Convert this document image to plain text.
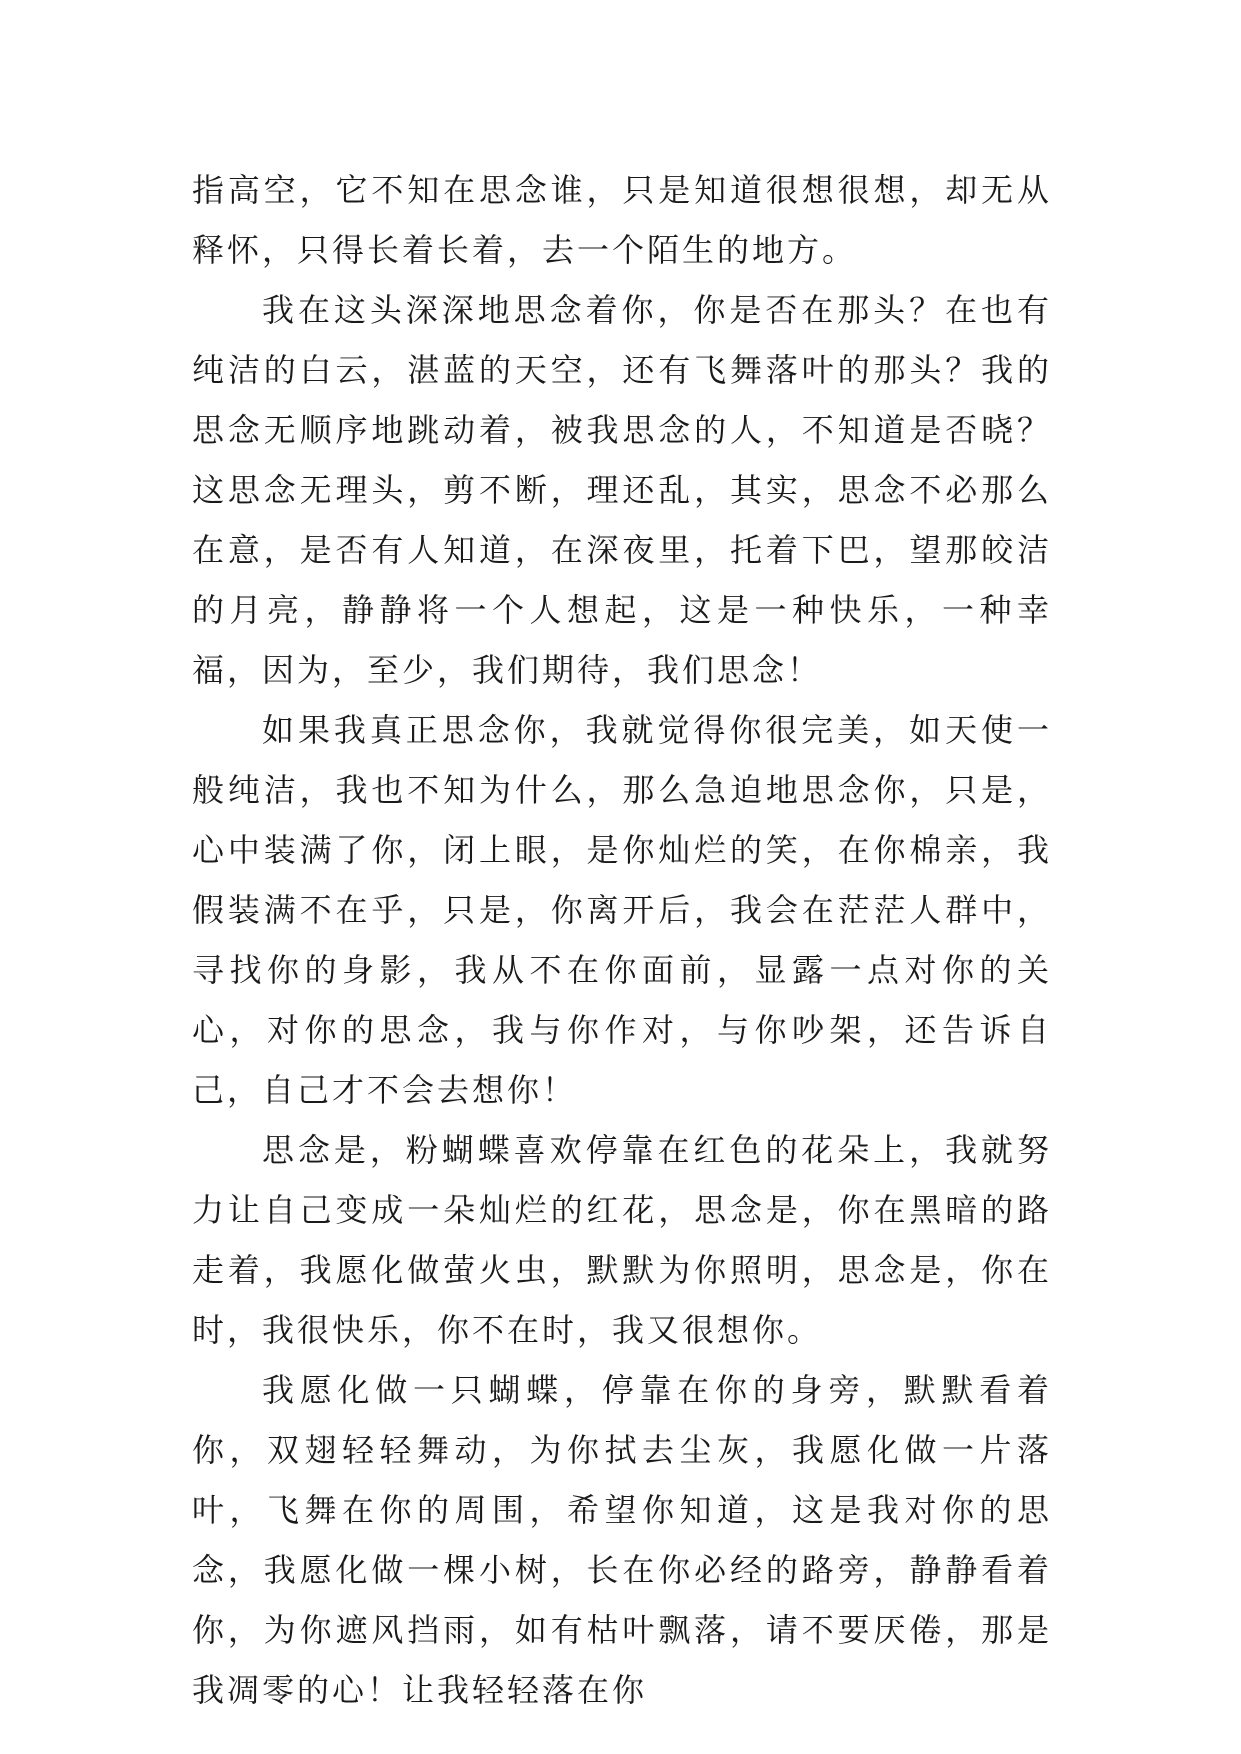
指高空，它不知在思念谁，只是知道很想很想，却无从释怀，只得长着长着，去一个陌生的地方。

我在这头深深地思念着你，你是否在那头？在也有纯洁的白云，湛蓝的天空，还有飞舞落叶的那头？我的思念无顺序地跳动着，被我思念的人，不知道是否晓？这思念无理头，剪不断，理还乱，其实，思念不必那么在意，是否有人知道，在深夜里，托着下巴，望那皎洁的月亮，静静将一个人想起，这是一种快乐，一种幸福，因为，至少，我们期待，我们思念！

如果我真正思念你，我就觉得你很完美，如天使一般纯洁，我也不知为什么，那么急迫地思念你，只是，心中装满了你，闭上眼，是你灿烂的笑，在你棉亲，我假装满不在乎，只是，你离开后，我会在茫茫人群中，寻找你的身影，我从不在你面前，显露一点对你的关心，对你的思念，我与你作对，与你吵架，还告诉自己，自己才不会去想你！

思念是，粉蝴蝶喜欢停靠在红色的花朵上，我就努力让自己变成一朵灿烂的红花，思念是，你在黑暗的路走着，我愿化做萤火虫，默默为你照明，思念是，你在时，我很快乐，你不在时，我又很想你。

我愿化做一只蝴蝶，停靠在你的身旁，默默看着你，双翅轻轻舞动，为你拭去尘灰，我愿化做一片落叶，飞舞在你的周围，希望你知道，这是我对你的思念，我愿化做一棵小树，长在你必经的路旁，静静看着你，为你遮风挡雨，如有枯叶飘落，请不要厌倦，那是我凋零的心！让我轻轻落在你
